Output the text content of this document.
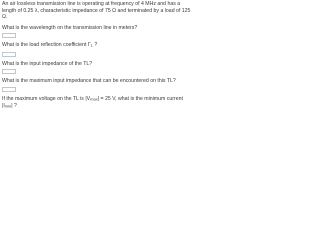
An air lossless transmission line is operating at frequency of 4 MHz and has a
length of 0.25 λ, characteristic impedance of 75 Ω and terminated by a load of 125
Ω.
What is the wavelength on the transmission line in meters?
What is the load reflection coefficient ΓL ?
What is the input impedance of the TL?
What is the maximum input impedance that can be encountered on this TL?
If the maximum voltage on the TL is |Vmax| = 25 V, what is the minimum current
|Imin| ?
